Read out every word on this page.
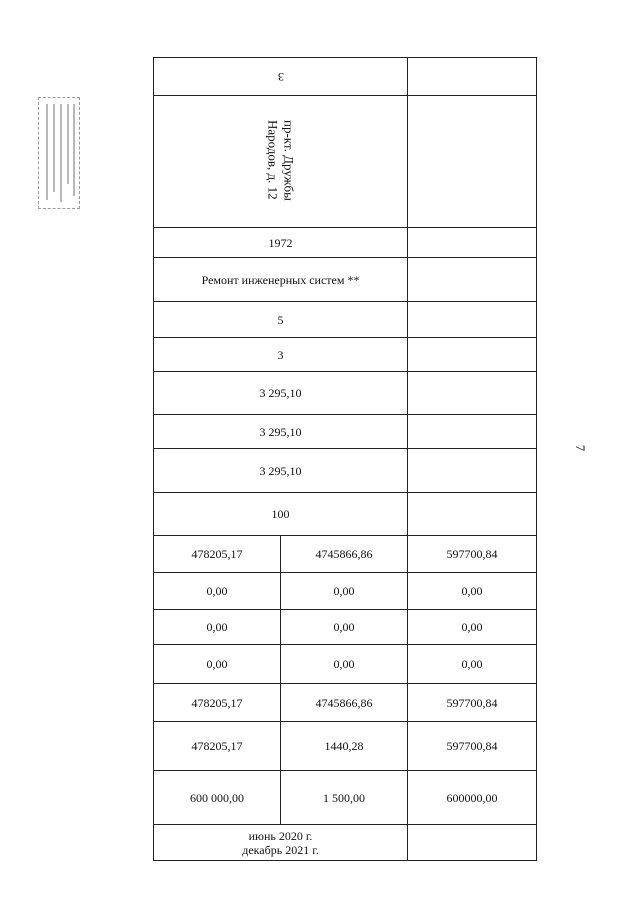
7
3		
пр-кт. Дружбы
Народов, д. 12		
1972		
Ремонт инженерных систем **		
5		
3		
3 295,10		
3 295,10		
3 295,10		
100		
478205,17	4745866,86	597700,84
0,00	0,00	0,00
0,00	0,00	0,00
0,00	0,00	0,00
478205,17	4745866,86	597700,84
478205,17	1440,28	597700,84
600 000,00	1 500,00	600000,00
июнь 2020 г.
декабрь 2021 г.		
